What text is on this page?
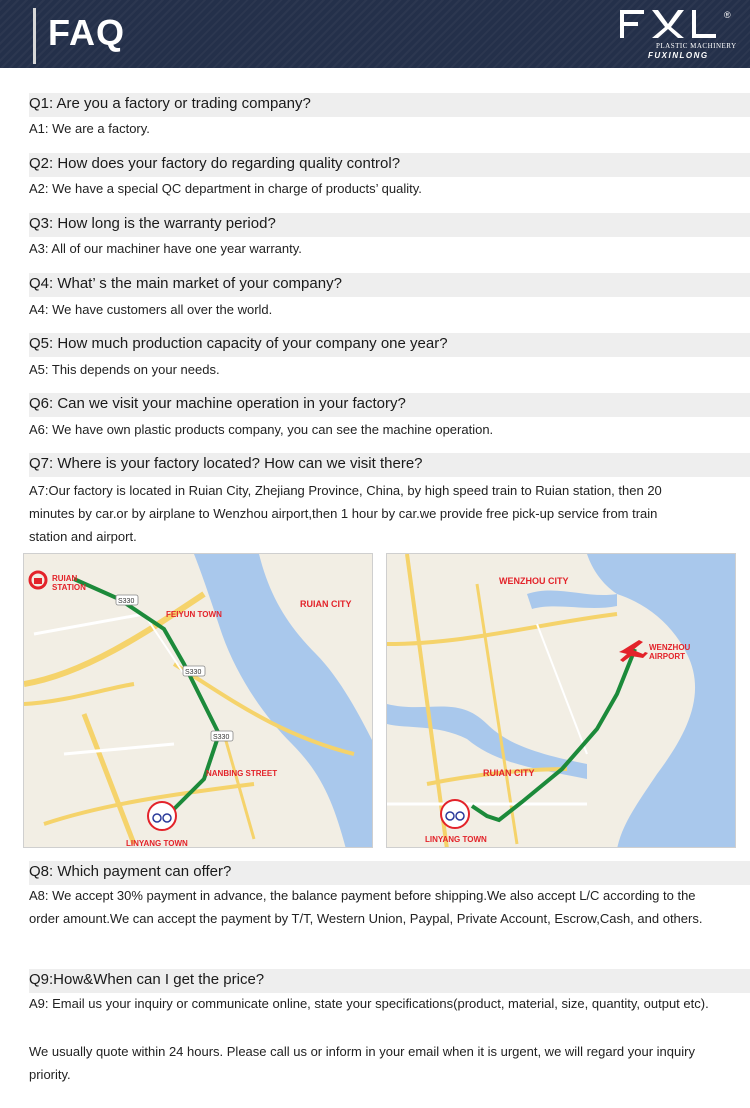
FAQ	®
PLASTIC MACHINERY
FUXINLONG
Q1: Are you a factory or trading company?
A1: We are a factory.
Q2: How does your factory do regarding quality control?
A2: We have a special QC department in charge of products’ quality.
Q3: How long is the warranty period?
A3: All of our machiner have one year warranty.
Q4: What’ s the main market of your company?
A4: We have customers all over the world.
Q5: How much production capacity of your company one year?
A5: This depends on your needs.
Q6: Can we visit your machine operation in your factory?
A6: We have own plastic products company, you can see the machine operation.
Q7: Where is your factory located? How can we visit there?
A7:Our factory is located in Ruian City, Zhejiang Province, China, by high speed train to Ruian station, then 20 minutes by car.or by airplane to Wenzhou airport,then 1 hour by car.we provide free pick-up service from train station and airport.
RUIAN
STATION
FEIYUN TOWN
RUIAN CITY
NANBING STREET
LINYANG TOWN
S330
S330
S330
WENZHOU CITY
WENZHOU
AIRPORT
RUIAN CITY
LINYANG TOWN
Q8: Which payment can offer?
A8: We accept 30% payment in advance, the balance payment before shipping.We also accept L/C according to the order amount.We can accept the payment by T/T, Western Union, Paypal, Private Account, Escrow,Cash, and others.
Q9:How&When can I get the price?
A9: Email us your inquiry or communicate online, state your specifications(product, material, size, quantity, output etc).
We usually quote within 24 hours. Please call us or inform in your email when it is urgent, we will regard your inquiry priority.
